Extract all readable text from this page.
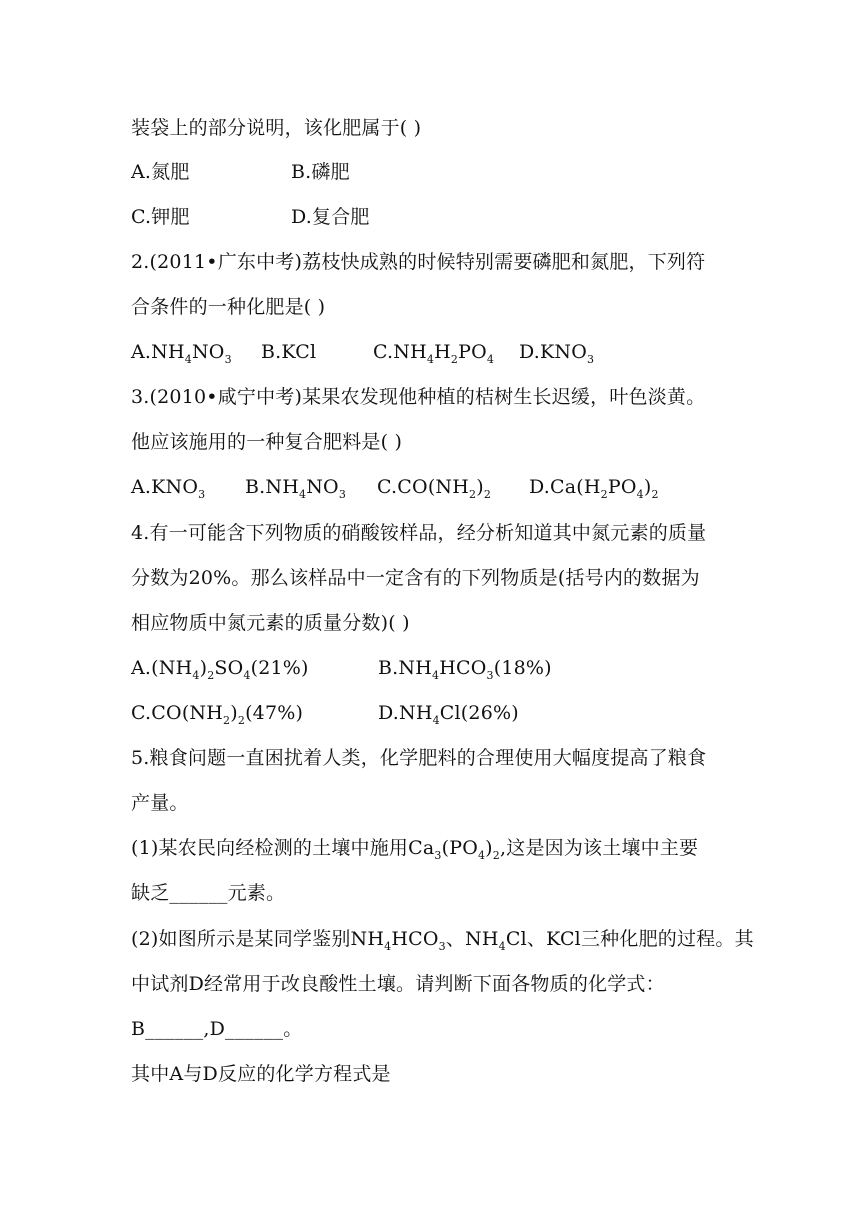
装袋上的部分说明，该化肥属于( )
A.氮肥	B.磷肥
C.钾肥	D.复合肥
2.(2011•广东中考)荔枝快成熟的时候特别需要磷肥和氮肥，下列符
合条件的一种化肥是( )
$A.NH_4NO_3$ B.KCl	$C.NH_4H_2PO_4$ $D.KNO_3$
3.(2010•咸宁中考)某果农发现他种植的桔树生长迟缓，叶色淡黄。
他应该施用的一种复合肥料是( )
$A.KNO_3$ $B.NH_4NO_3$ $C.CO(NH_2)_2$ $D.Ca(H_2PO_4)_2$
4.有一可能含下列物质的硝酸铵样品，经分析知道其中氮元素的质量
分数为20%。那么该样品中一定含有的下列物质是(括号内的数据为
相应物质中氮元素的质量分数)( )
$A.(NH_4)_2SO_4(21\%)$	$B.NH_4HCO_3(18\%)$
$C.CO(NH_2)_2(47\%)$	$D.NH_4Cl(26\%)$
5.粮食问题一直困扰着人类，化学肥料的合理使用大幅度提高了粮食
产量。
(1)某农民向经检测的土壤中施用$Ca_3(PO_4)_2$,这是因为该土壤中主要
缺乏______元素。
(2)如图所示是某同学鉴别$NH_4HCO_3$、$NH_4Cl$、KCl三种化肥的过程。其
中试剂D经常用于改良酸性土壤。请判断下面各物质的化学式：
B______,D______。
其中A与D反应的化学方程式是
